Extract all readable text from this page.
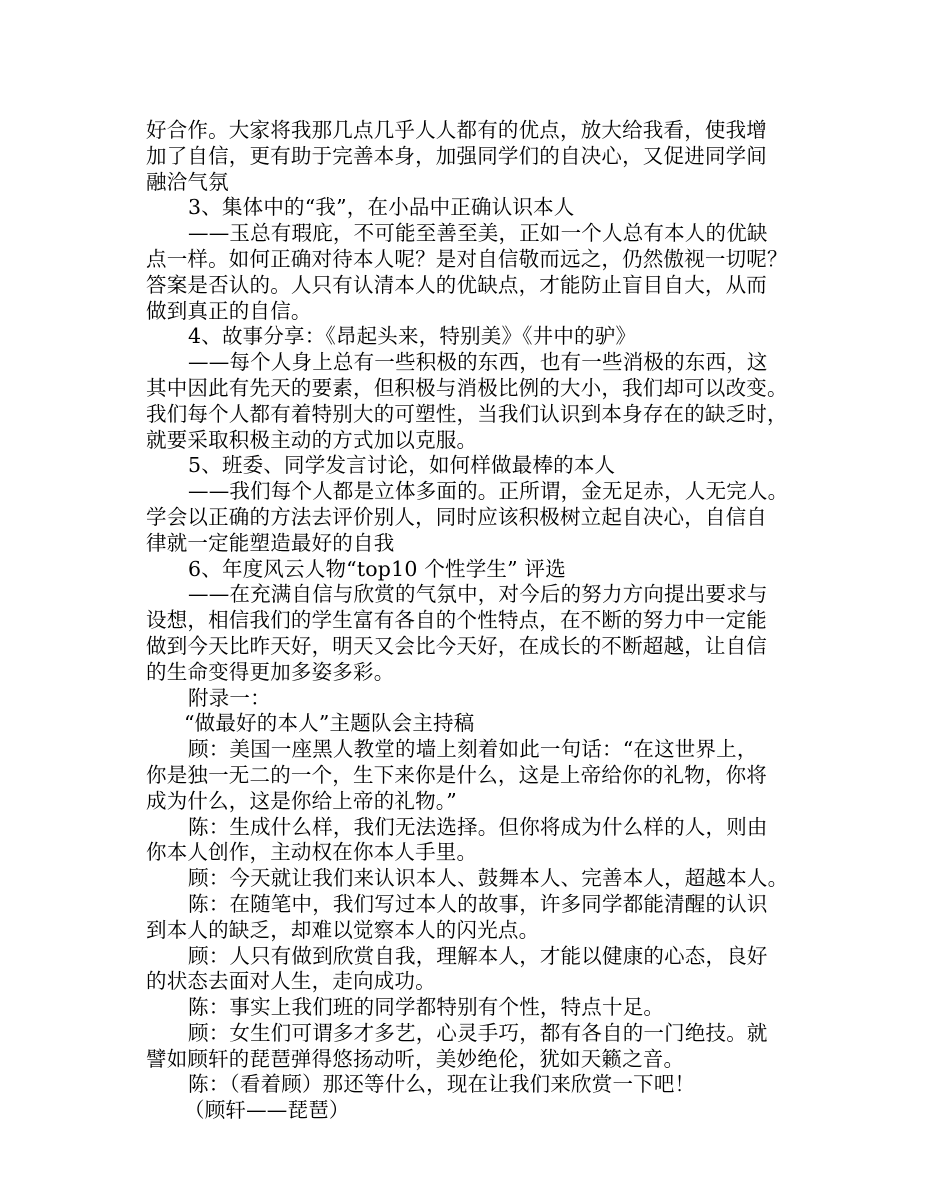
好合作。大家将我那几点几乎人人都有的优点，放大给我看，使我增
加了自信，更有助于完善本身，加强同学们的自决心，又促进同学间
融洽气氛
3、集体中的“我”，在小品中正确认识本人
——玉总有瑕庇，不可能至善至美，正如一个人总有本人的优缺
点一样。如何正确对待本人呢？是对自信敬而远之，仍然傲视一切呢？
答案是否认的。人只有认清本人的优缺点，才能防止盲目自大，从而
做到真正的自信。
4、故事分享：《昂起头来，特别美》《井中的驴》
——每个人身上总有一些积极的东西，也有一些消极的东西，这
其中因此有先天的要素，但积极与消极比例的大小，我们却可以改变。
我们每个人都有着特别大的可塑性，当我们认识到本身存在的缺乏时，
就要采取积极主动的方式加以克服。
5、班委、同学发言讨论，如何样做最棒的本人
——我们每个人都是立体多面的。正所谓，金无足赤，人无完人。
学会以正确的方法去评价别人，同时应该积极树立起自决心，自信自
律就一定能塑造最好的自我
6、年度风云人物“top10 个性学生” 评选
——在充满自信与欣赏的气氛中，对今后的努力方向提出要求与
设想，相信我们的学生富有各自的个性特点，在不断的努力中一定能
做到今天比昨天好，明天又会比今天好，在成长的不断超越，让自信
的生命变得更加多姿多彩。
附录一：
“做最好的本人”主题队会主持稿
顾：美国一座黑人教堂的墙上刻着如此一句话：“在这世界上，
你是独一无二的一个，生下来你是什么，这是上帝给你的礼物，你将
成为什么，这是你给上帝的礼物。”
陈：生成什么样，我们无法选择。但你将成为什么样的人，则由
你本人创作，主动权在你本人手里。
顾：今天就让我们来认识本人、鼓舞本人、完善本人，超越本人。
陈：在随笔中，我们写过本人的故事，许多同学都能清醒的认识
到本人的缺乏，却难以觉察本人的闪光点。
顾：人只有做到欣赏自我，理解本人，才能以健康的心态，良好
的状态去面对人生，走向成功。
陈：事实上我们班的同学都特别有个性，特点十足。
顾：女生们可谓多才多艺，心灵手巧，都有各自的一门绝技。就
譬如顾轩的琵琶弹得悠扬动听，美妙绝伦，犹如天籁之音。
陈：（看着顾）那还等什么，现在让我们来欣赏一下吧！
（顾轩——琵琶）
